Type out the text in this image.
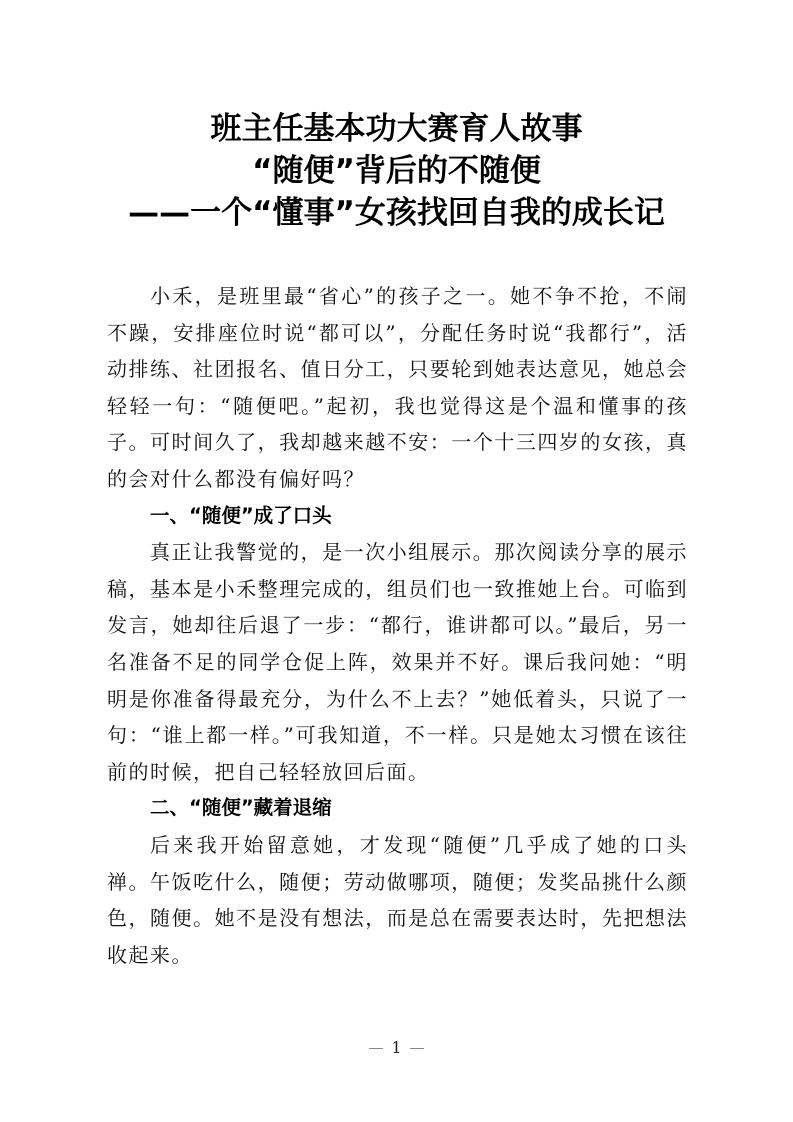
班主任基本功大赛育人故事
“随便”背后的不随便
——一个“懂事”女孩找回自我的成长记

小禾，是班里最“省心”的孩子之一。她不争不抢，不闹不躁，安排座位时说“都可以”，分配任务时说“我都行”，活动排练、社团报名、值日分工，只要轮到她表达意见，她总会轻轻一句：“随便吧。”起初，我也觉得这是个温和懂事的孩子。可时间久了，我却越来越不安：一个十三四岁的女孩，真的会对什么都没有偏好吗？

一、“随便”成了口头

真正让我警觉的，是一次小组展示。那次阅读分享的展示稿，基本是小禾整理完成的，组员们也一致推她上台。可临到发言，她却往后退了一步：“都行，谁讲都可以。”最后，另一名准备不足的同学仓促上阵，效果并不好。课后我问她：“明明是你准备得最充分，为什么不上去？”她低着头，只说了一句：“谁上都一样。”可我知道，不一样。只是她太习惯在该往前的时候，把自己轻轻放回后面。

二、“随便”藏着退缩

后来我开始留意她，才发现“随便”几乎成了她的口头禅。午饭吃什么，随便；劳动做哪项，随便；发奖品挑什么颜色，随便。她不是没有想法，而是总在需要表达时，先把想法收起来。

1
